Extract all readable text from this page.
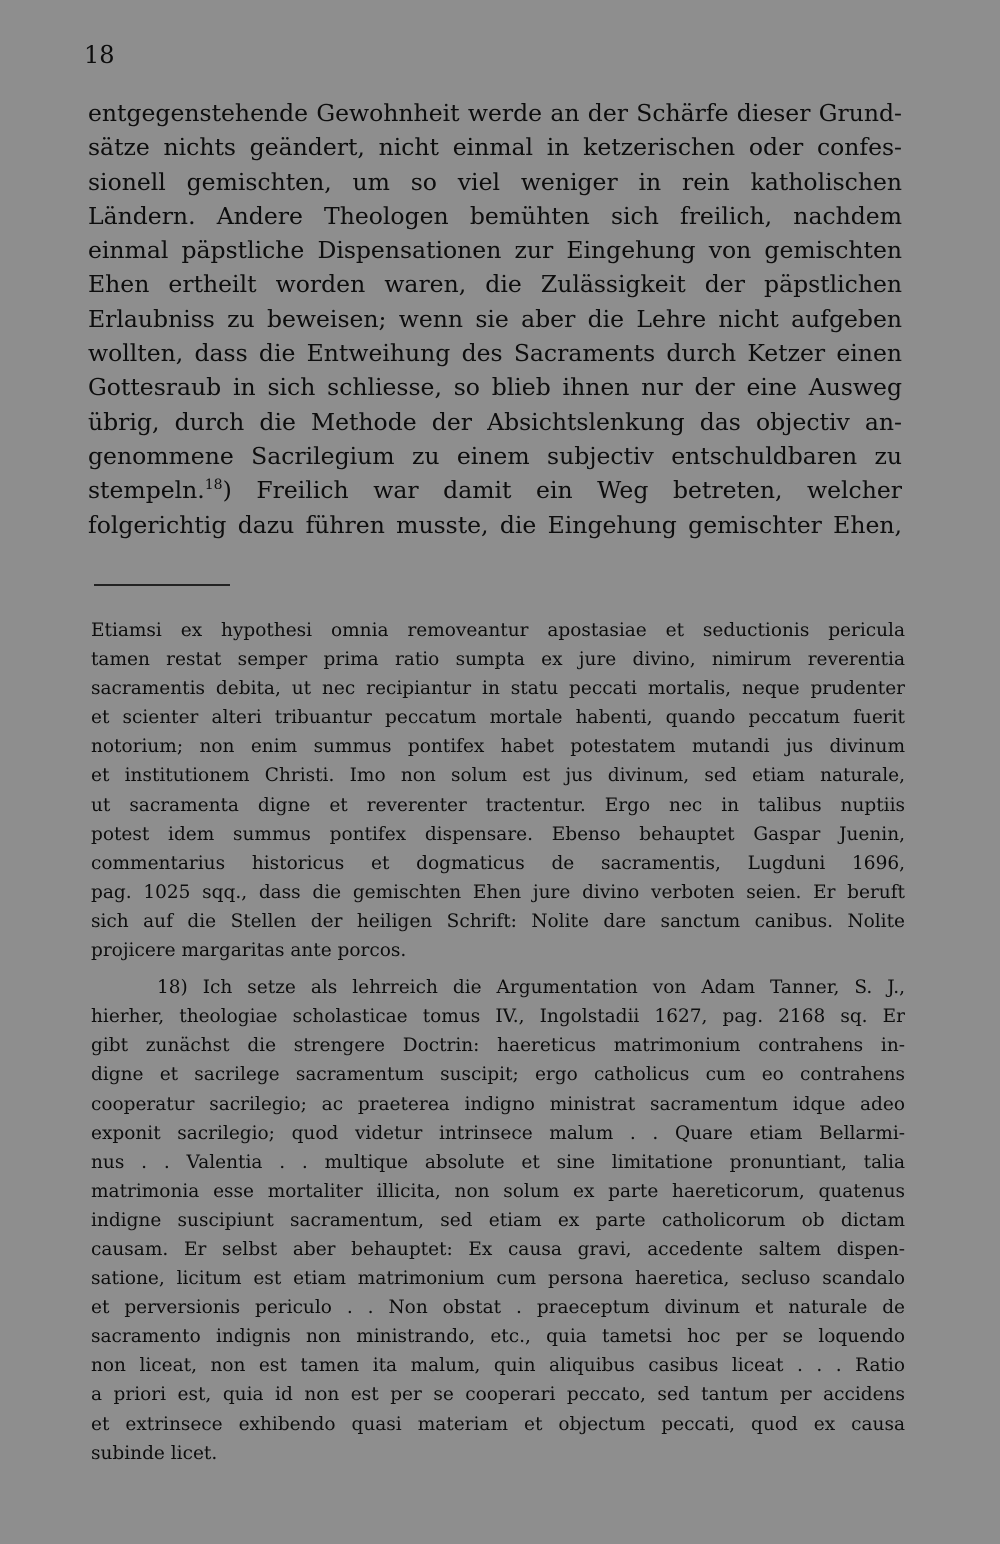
18
entgegenstehende Gewohnheit werde an der Schärfe dieser Grund-
sätze nichts geändert, nicht einmal in ketzerischen oder confes-
sionell gemischten, um so viel weniger in rein katholischen
Ländern. Andere Theologen bemühten sich freilich, nachdem
einmal päpstliche Dispensationen zur Eingehung von gemischten
Ehen ertheilt worden waren, die Zulässigkeit der päpstlichen
Erlaubniss zu beweisen; wenn sie aber die Lehre nicht aufgeben
wollten, dass die Entweihung des Sacraments durch Ketzer einen
Gottesraub in sich schliesse, so blieb ihnen nur der eine Ausweg
übrig, durch die Methode der Absichtslenkung das objectiv an-
genommene Sacrilegium zu einem subjectiv entschuldbaren zu
stempeln.$^{18}$) Freilich war damit ein Weg betreten, welcher
folgerichtig dazu führen musste, die Eingehung gemischter Ehen,
Etiamsi ex hypothesi omnia removeantur apostasiae et seductionis pericula
tamen restat semper prima ratio sumpta ex jure divino, nimirum reverentia
sacramentis debita, ut nec recipiantur in statu peccati mortalis, neque prudenter
et scienter alteri tribuantur peccatum mortale habenti, quando peccatum fuerit
notorium; non enim summus pontifex habet potestatem mutandi jus divinum
et institutionem Christi. Imo non solum est jus divinum, sed etiam naturale,
ut sacramenta digne et reverenter tractentur. Ergo nec in talibus nuptiis
potest idem summus pontifex dispensare. Ebenso behauptet Gaspar Juenin,
commentarius historicus et dogmaticus de sacramentis, Lugduni 1696,
pag. 1025 sqq., dass die gemischten Ehen jure divino verboten seien. Er beruft
sich auf die Stellen der heiligen Schrift: Nolite dare sanctum canibus. Nolite
projicere margaritas ante porcos.
18) Ich setze als lehrreich die Argumentation von Adam Tanner, S. J.,
hierher, theologiae scholasticae tomus IV., Ingolstadii 1627, pag. 2168 sq. Er
gibt zunächst die strengere Doctrin: haereticus matrimonium contrahens in-
digne et sacrilege sacramentum suscipit; ergo catholicus cum eo contrahens
cooperatur sacrilegio; ac praeterea indigno ministrat sacramentum idque adeo
exponit sacrilegio; quod videtur intrinsece malum . . Quare etiam Bellarmi-
nus . . Valentia . . multique absolute et sine limitatione pronuntiant, talia
matrimonia esse mortaliter illicita, non solum ex parte haereticorum, quatenus
indigne suscipiunt sacramentum, sed etiam ex parte catholicorum ob dictam
causam. Er selbst aber behauptet: Ex causa gravi, accedente saltem dispen-
satione, licitum est etiam matrimonium cum persona haeretica, secluso scandalo
et perversionis periculo . . Non obstat . praeceptum divinum et naturale de
sacramento indignis non ministrando, etc., quia tametsi hoc per se loquendo
non liceat, non est tamen ita malum, quin aliquibus casibus liceat . . . Ratio
a priori est, quia id non est per se cooperari peccato, sed tantum per accidens
et extrinsece exhibendo quasi materiam et objectum peccati, quod ex causa
subinde licet.
